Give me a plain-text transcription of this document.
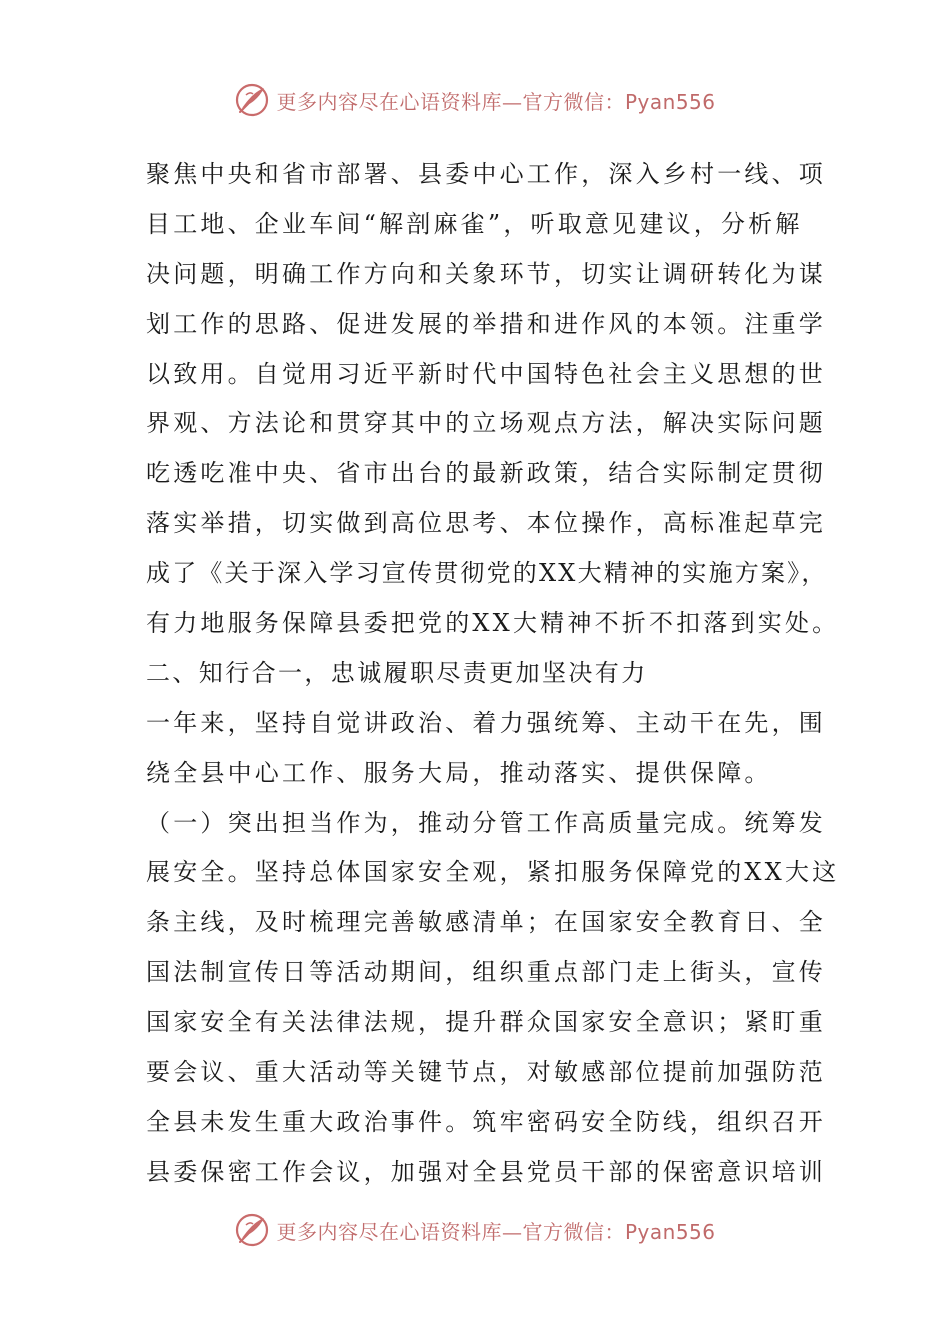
更多内容尽在心语资料库—官方微信：Pyan556
聚焦中央和省市部署、县委中心工作，深入乡村一线、项
目工地、企业车间“解剖麻雀”，听取意见建议，分析解
决问题，明确工作方向和关象环节，切实让调研转化为谋
划工作的思路、促进发展的举措和进作风的本领。注重学
以致用。自觉用习近平新时代中国特色社会主义思想的世
界观、方法论和贯穿其中的立场观点方法，解决实际问题
吃透吃准中央、省市出台的最新政策，结合实际制定贯彻
落实举措，切实做到高位思考、本位操作，高标准起草完
成了《关于深入学习宣传贯彻党的XX大精神的实施方案》，
有力地服务保障县委把党的XX大精神不折不扣落到实处。
二、知行合一，忠诚履职尽责更加坚决有力
一年来，坚持自觉讲政治、着力强统筹、主动干在先，围
绕全县中心工作、服务大局，推动落实、提供保障。
（一）突出担当作为，推动分管工作高质量完成。统筹发
展安全。坚持总体国家安全观，紧扣服务保障党的XX大这
条主线，及时梳理完善敏感清单；在国家安全教育日、全
国法制宣传日等活动期间，组织重点部门走上街头，宣传
国家安全有关法律法规，提升群众国家安全意识；紧盯重
要会议、重大活动等关键节点，对敏感部位提前加强防范
全县未发生重大政治事件。筑牢密码安全防线，组织召开
县委保密工作会议，加强对全县党员干部的保密意识培训
更多内容尽在心语资料库—官方微信：Pyan556
